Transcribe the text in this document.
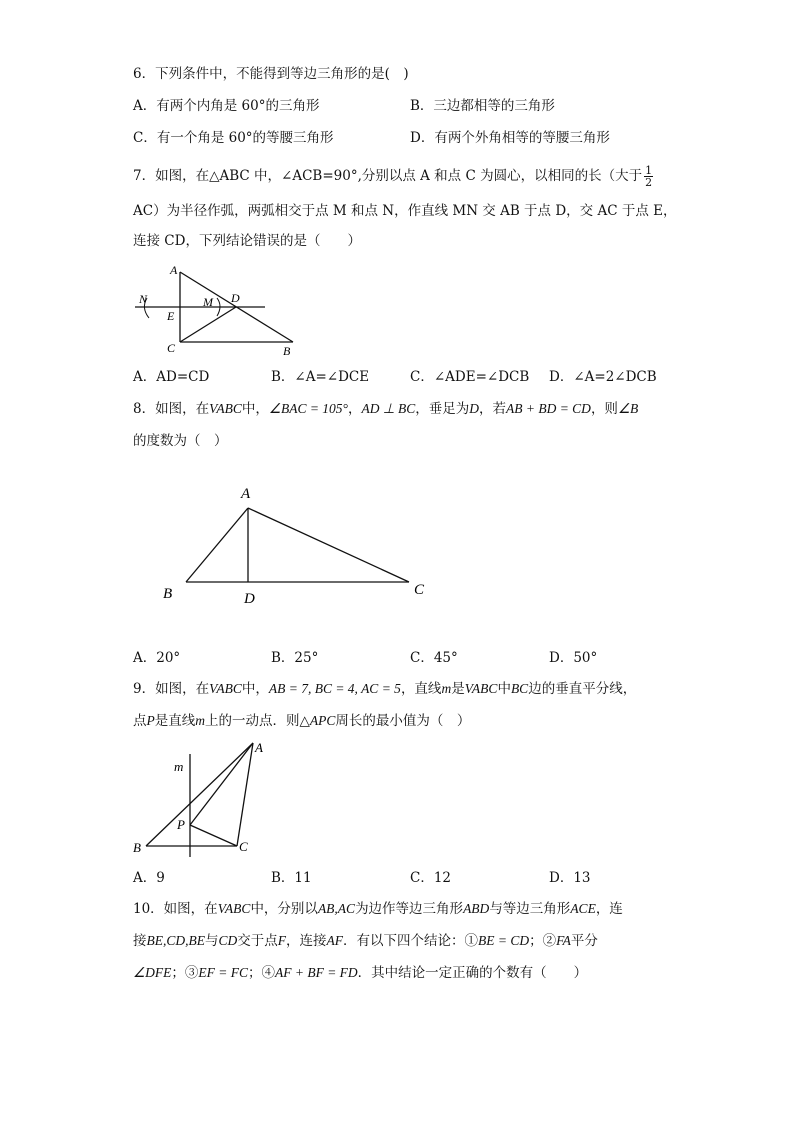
6．下列条件中，不能得到等边三角形的是(　)
A．有两个内角是 60°的三角形	B．三边都相等的三角形
C．有一个角是 60°的等腰三角形	D．有两个外角相等的等腰三角形
7．如图，在△ABC 中，∠ACB=90°,分别以点 A 和点 C 为圆心，以相同的长（大于 $\frac{1}{2}$
AC）为半径作弧，两弧相交于点 M 和点 N，作直线 MN 交 AB 于点 D，交 AC 于点 E，
连接 CD，下列结论错误的是（　　）
A
N	M D
E
C	B
A．AD=CD	B．∠A=∠DCE	C．∠ADE=∠DCB D．∠A=2∠DCB
8．如图，在VABC中，∠BAC = 105°，AD ⊥ BC，垂足为D，若AB + BD = CD，则∠B
的度数为（　）
A
B	D
C
A．20°	B．25°	C．45°	D．50°
9．如图，在VABC中，AB = 7, BC = 4, AC = 5，直线m是VABC中BC边的垂直平分线，
点P是直线m上的一动点．则△APC周长的最小值为（　）
m
A
P
B	C
A．9	B．11	C．12	D．13
10．如图，在VABC中，分别以AB,AC为边作等边三角形ABD与等边三角形ACE，连
接BE,CD,BE与CD交于点F，连接AF．有以下四个结论：①BE = CD；②FA平分
∠DFE；③EF = FC；④AF + BF = FD．其中结论一定正确的个数有（　　）
